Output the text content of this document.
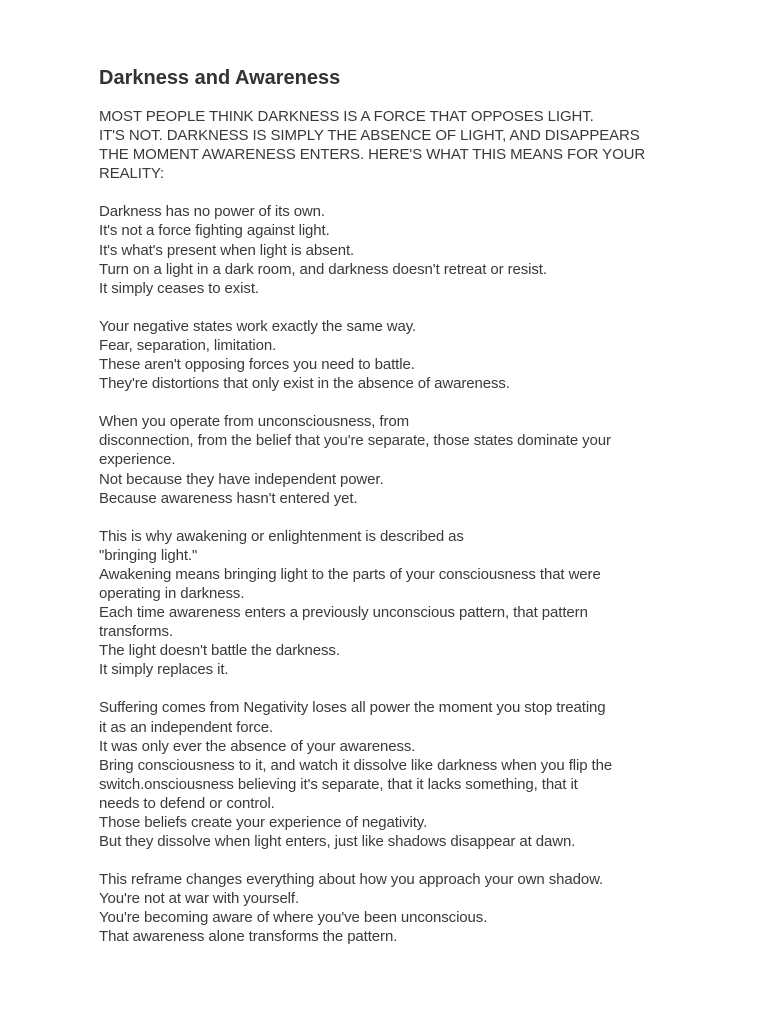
Darkness and Awareness
MOST PEOPLE THINK DARKNESS IS A FORCE THAT OPPOSES LIGHT.
IT'S NOT. DARKNESS IS SIMPLY THE ABSENCE OF LIGHT, AND DISAPPEARS
THE MOMENT AWARENESS ENTERS. HERE'S WHAT THIS MEANS FOR YOUR
REALITY:
Darkness has no power of its own.
It's not a force fighting against light.
It's what's present when light is absent.
Turn on a light in a dark room, and darkness doesn't retreat or resist.
It simply ceases to exist.
Your negative states work exactly the same way.
Fear, separation, limitation.
These aren't opposing forces you need to battle.
They're distortions that only exist in the absence of awareness.
When you operate from unconsciousness, from
disconnection, from the belief that you're separate, those states dominate your
experience.
Not because they have independent power.
Because awareness hasn't entered yet.
This is why awakening or enlightenment is described as
"bringing light."
Awakening means bringing light to the parts of your consciousness that were
operating in darkness.
Each time awareness enters a previously unconscious pattern, that pattern
transforms.
The light doesn't battle the darkness.
It simply replaces it.
Suffering comes from Negativity loses all power the moment you stop treating
it as an independent force.
It was only ever the absence of your awareness.
Bring consciousness to it, and watch it dissolve like darkness when you flip the
switch.onsciousness believing it's separate, that it lacks something, that it
needs to defend or control.
Those beliefs create your experience of negativity.
But they dissolve when light enters, just like shadows disappear at dawn.
This reframe changes everything about how you approach your own shadow.
You're not at war with yourself.
You're becoming aware of where you've been unconscious.
That awareness alone transforms the pattern.
